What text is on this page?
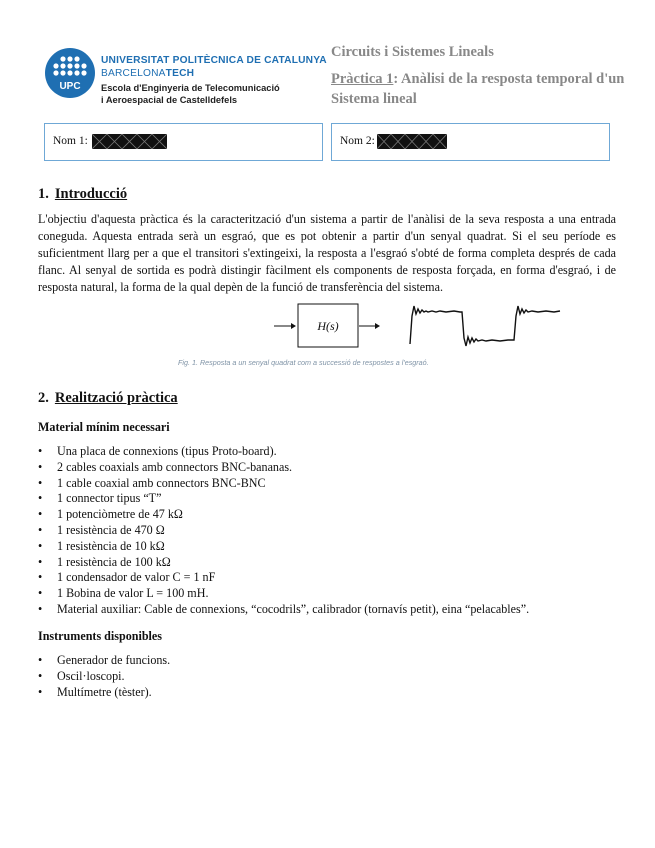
UPC
UNIVERSITAT POLITÈCNICA DE CATALUNYA
BARCELONATECH
Escola d'Enginyeria de Telecomunicació
i Aeroespacial de Castelldefels
Circuits i Sistemes Lineals
Pràctica 1: Anàlisi de la resposta temporal d'un Sistema lineal
Nom 1:	Nom 2:
1. Introducció
L'objectiu d'aquesta pràctica és la caracterització d'un sistema a partir de l'anàlisi de la seva resposta a una entrada coneguda. Aquesta entrada serà un esgraó, que es pot obtenir a partir d'un senyal quadrat. Si el seu període es suficientment llarg per a que el transitori s'extingeixi, la resposta a l'esgraó s'obté de forma completa després de cada flanc. Al senyal de sortida es podrà distingir fàcilment els components de resposta forçada, en forma d'esgraó, i de resposta natural, la forma de la qual depèn de la funció de transferència del sistema.
H(s)
Fig. 1. Resposta a un senyal quadrat com a successió de respostes a l'esgraó.
2. Realització pràctica
Material mínim necessari
• Una placa de connexions (tipus Proto-board).
• 2 cables coaxials amb connectors BNC-bananas.
• 1 cable coaxial amb connectors BNC-BNC
• 1 connector tipus “T”
• 1 potenciòmetre de 47 kΩ
• 1 resistència de 470 Ω
• 1 resistència de 10 kΩ
• 1 resistència de 100 kΩ
• 1 condensador de valor C = 1 nF
• 1 Bobina de valor L = 100 mH.
• Material auxiliar: Cable de connexions, “cocodrils”, calibrador (tornavís petit), eina “pelacables”.
Instruments disponibles
• Generador de funcions.
• Oscil·loscopi.
• Multímetre (tèster).
